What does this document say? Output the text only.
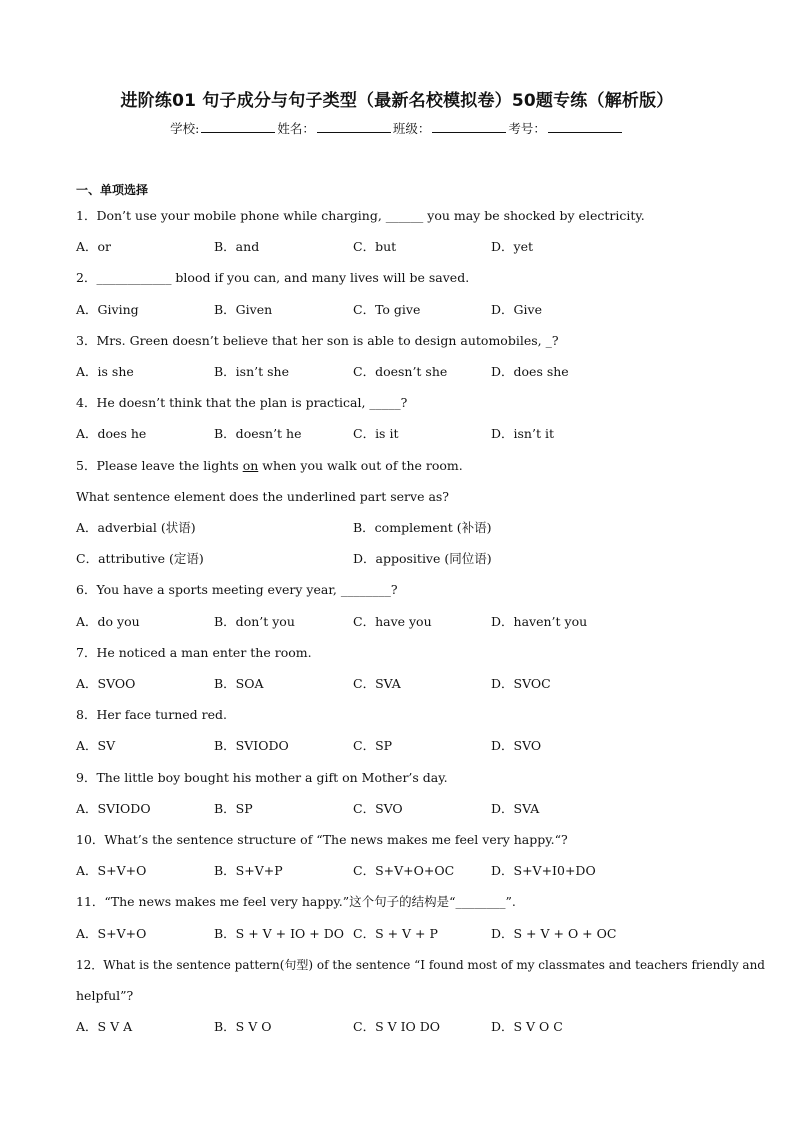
进阶练01 句子成分与句子类型（最新名校模拟卷）50题专练（解析版）
学校:	姓名：	班级：	考号：
一、单项选择
1．Don’t use your mobile phone while charging, ______ you may be shocked by electricity.
A．or	B．and	C．but	D．yet
2．____________ blood if you can, and many lives will be saved.
A．Giving	B．Given	C．To give	D．Give
3．Mrs. Green doesn’t believe that her son is able to design automobiles, _?
A．is she	B．isn’t she	C．doesn’t she	D．does she
4．He doesn’t think that the plan is practical, _____?
A．does he	B．doesn’t he	C．is it	D．isn’t it
5．Please leave the lights on when you walk out of the room.
What sentence element does the underlined part serve as?
A．adverbial (状语)	B．complement (补语)
C．attributive (定语)	D．appositive (同位语)
6．You have a sports meeting every year, ________?
A．do you	B．don’t you	C．have you	D．haven’t you
7．He noticed a man enter the room.
A．SVOO	B．SOA	C．SVA	D．SVOC
8．Her face turned red.
A．SV	B．SVIODO	C．SP	D．SVO
9．The little boy bought his mother a gift on Mother’s day.
A．SVIODO	B．SP	C．SVO	D．SVA
10．What’s the sentence structure of “The news makes me feel very happy.“?
A．S+V+O	B．S+V+P	C．S+V+O+OC	D．S+V+I0+DO
11．“The news makes me feel very happy.”这个句子的结构是“________”.
A．S+V+O	B．S + V + IO + DO C．S + V + P	D．S + V + O + OC
12．What is the sentence pattern(句型) of the sentence “I found most of my classmates and teachers friendly and
helpful”?
A．S V A	B．S V O	C．S V IO DO	D．S V O C
